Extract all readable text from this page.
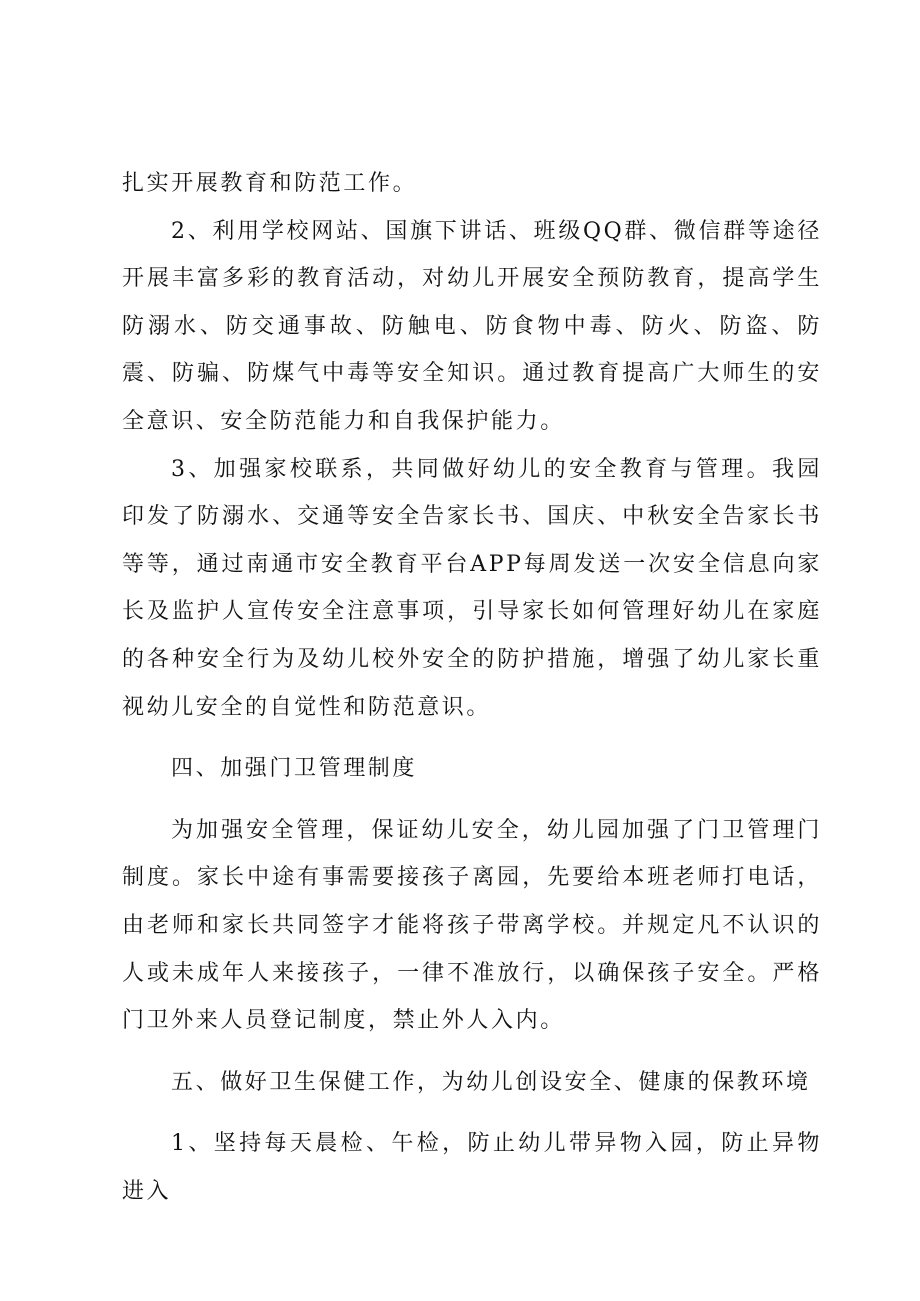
扎实开展教育和防范工作。

2、利用学校网站、国旗下讲话、班级QQ群、微信群等途径开展丰富多彩的教育活动，对幼儿开展安全预防教育，提高学生防溺水、防交通事故、防触电、防食物中毒、防火、防盗、防震、防骗、防煤气中毒等安全知识。通过教育提高广大师生的安全意识、安全防范能力和自我保护能力。

3、加强家校联系，共同做好幼儿的安全教育与管理。我园印发了防溺水、交通等安全告家长书、国庆、中秋安全告家长书等等，通过南通市安全教育平台APP每周发送一次安全信息向家长及监护人宣传安全注意事项，引导家长如何管理好幼儿在家庭的各种安全行为及幼儿校外安全的防护措施，增强了幼儿家长重视幼儿安全的自觉性和防范意识。

四、加强门卫管理制度

为加强安全管理，保证幼儿安全，幼儿园加强了门卫管理门制度。家长中途有事需要接孩子离园，先要给本班老师打电话，由老师和家长共同签字才能将孩子带离学校。并规定凡不认识的人或未成年人来接孩子，一律不准放行，以确保孩子安全。严格门卫外来人员登记制度，禁止外人入内。

五、做好卫生保健工作，为幼儿创设安全、健康的保教环境

1、坚持每天晨检、午检，防止幼儿带异物入园，防止异物进入
